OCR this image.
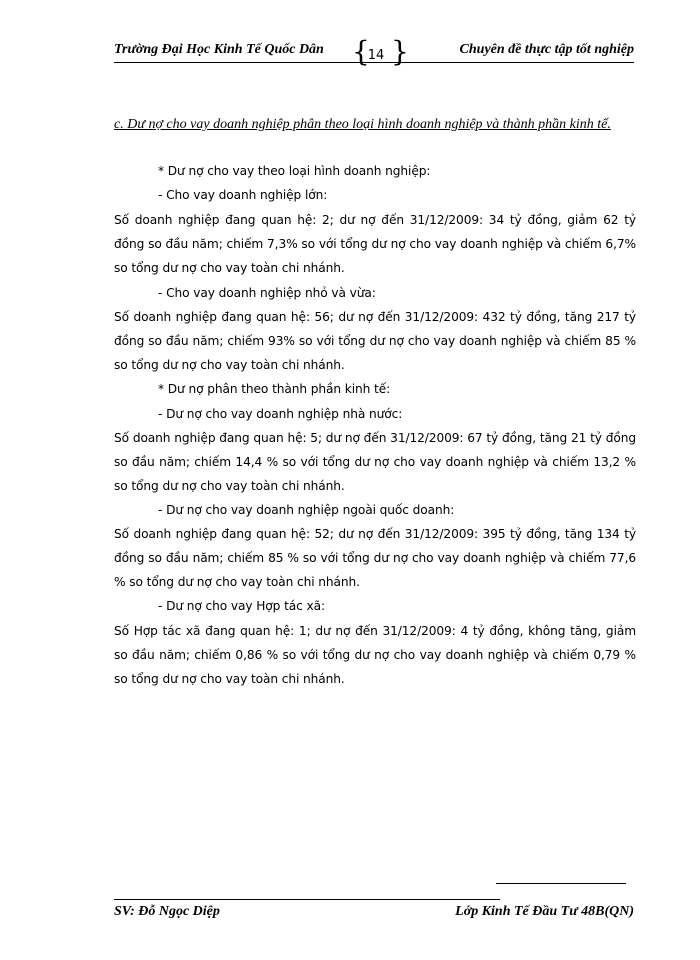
Trường Đại Học Kinh Tế Quốc Dân {
14 }	Chuyên đề thực tập tốt nghiệp
c. Dư nợ cho vay doanh nghiệp phân theo loại hình doanh nghiệp và thành phần kinh tế.
* Dư nợ cho vay theo loại hình doanh nghiệp:
- Cho vay doanh nghiệp lớn:
Số doanh nghiệp đang quan hệ: 2; dư nợ đến 31/12/2009: 34 tỷ đồng, giảm 62 tỷ đồng so đầu năm; chiếm 7,3% so với tổng dư nợ cho vay doanh nghiệp và chiếm 6,7% so tổng dư nợ cho vay toàn chi nhánh.
- Cho vay doanh nghiệp nhỏ và vừa:
Số doanh nghiệp đang quan hệ: 56; dư nợ đến 31/12/2009: 432 tỷ đồng, tăng 217 tỷ đồng so đầu năm; chiếm 93% so với tổng dư nợ cho vay doanh nghiệp và chiếm 85 % so tổng dư nợ cho vay toàn chi nhánh.
* Dư nợ phân theo thành phần kinh tế:
- Dư nợ cho vay doanh nghiệp nhà nước:
Số doanh nghiệp đang quan hệ: 5; dư nợ đến 31/12/2009: 67 tỷ đồng, tăng 21 tỷ đồng so đầu năm; chiếm 14,4 % so với tổng dư nợ cho vay doanh nghiệp và chiếm 13,2 % so tổng dư nợ cho vay toàn chi nhánh.
- Dư nợ cho vay doanh nghiệp ngoài quốc doanh:
Số doanh nghiệp đang quan hệ: 52; dư nợ đến 31/12/2009: 395 tỷ đồng, tăng 134 tỷ đồng so đầu năm; chiếm 85 % so với tổng dư nợ cho vay doanh nghiệp và chiếm 77,6 % so tổng dư nợ cho vay toàn chi nhánh.
- Dư nợ cho vay Hợp tác xã:
Số Hợp tác xã đang quan hệ: 1; dư nợ đến 31/12/2009: 4 tỷ đồng, không tăng, giảm so đầu năm; chiếm 0,86 % so với tổng dư nợ cho vay doanh nghiệp và chiếm 0,79 % so tổng dư nợ cho vay toàn chi nhánh.
SV: Đỗ Ngọc Diệp	Lớp Kinh Tế Đầu Tư 48B(QN)
